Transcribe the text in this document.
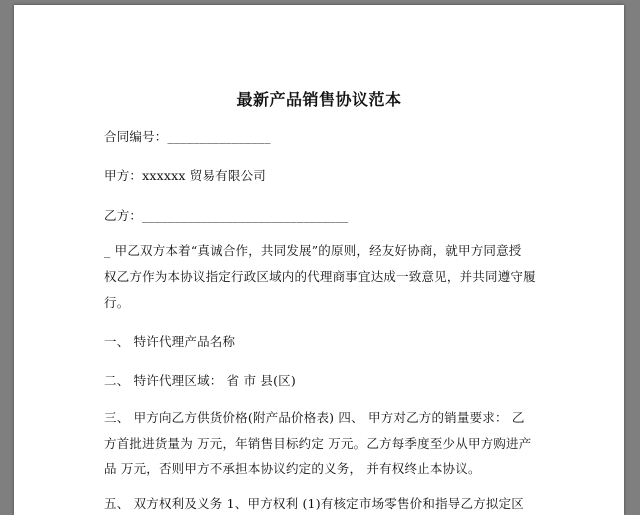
最新产品销售协议范本
合同编号：________________
甲方：xxxxxx 贸易有限公司
乙方：________________________________
_ 甲乙双方本着“真诚合作，共同发展”的原则，经友好协商，就甲方同意授
权乙方作为本协议指定行政区域内的代理商事宜达成一致意见，并共同遵守履
行。
一、 特许代理产品名称
二、 特许代理区域： 省 市 县(区)
三、 甲方向乙方供货价格(附产品价格表) 四、 甲方对乙方的销量要求： 乙
方首批进货量为 万元，年销售目标约定 万元。乙方每季度至少从甲方购进产
品 万元，否则甲方不承担本协议约定的义务， 并有权终止本协议。
五、 双方权利及义务 1、甲方权利 (1)有核定市场零售价和指导乙方拟定区
